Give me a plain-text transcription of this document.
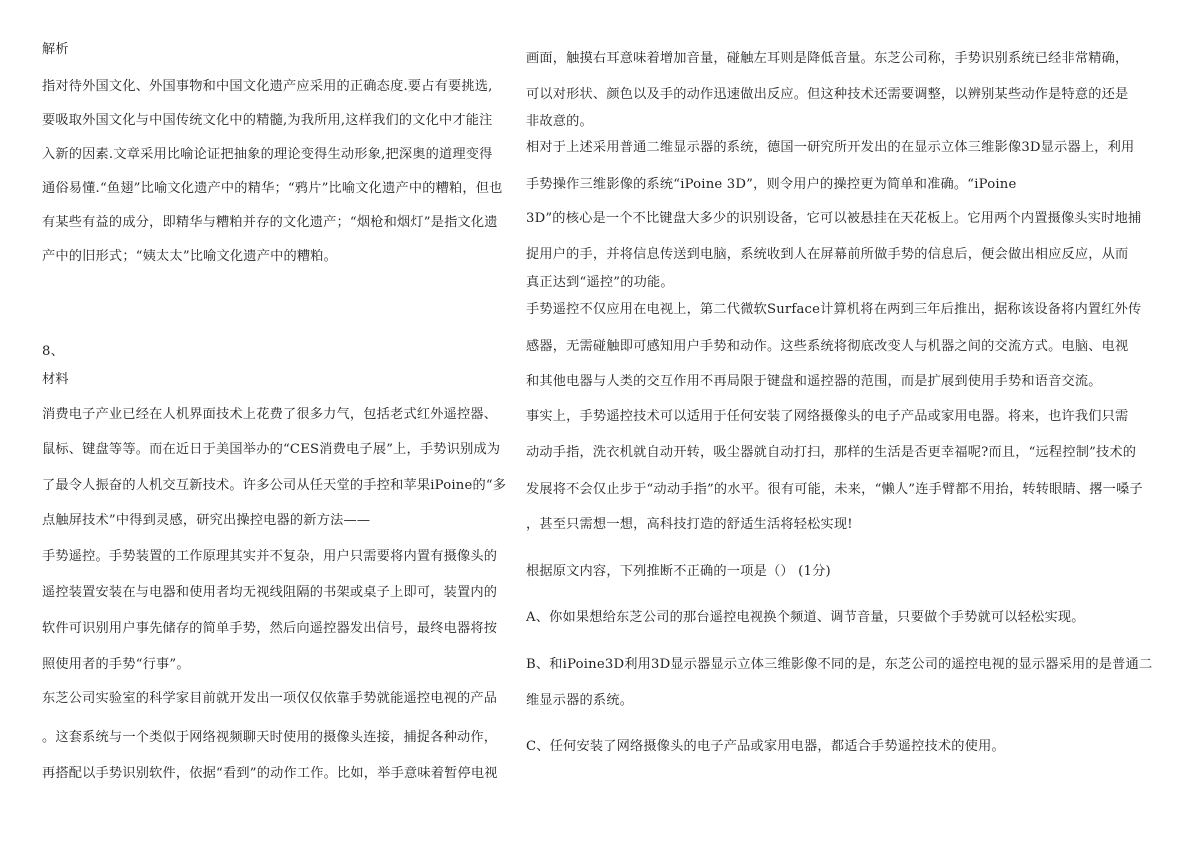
解析
指对待外国文化、外国事物和中国文化遗产应采用的正确态度.要占有要挑选,
要吸取外国文化与中国传统文化中的精髓,为我所用,这样我们的文化中才能注
入新的因素.文章采用比喻论证把抽象的理论变得生动形象,把深奥的道理变得
通俗易懂.“鱼翅”比喻文化遗产中的精华；“鸦片”比喻文化遗产中的糟粕，但也
有某些有益的成分，即精华与糟粕并存的文化遗产；“烟枪和烟灯”是指文化遗
产中的旧形式；“姨太太”比喻文化遗产中的糟粕。
8、
材料
消费电子产业已经在人机界面技术上花费了很多力气，包括老式红外遥控器、
鼠标、键盘等等。而在近日于美国举办的“CES消费电子展”上，手势识别成为
了最令人振奋的人机交互新技术。许多公司从任天堂的手控和苹果iPoine的“多
点触屏技术”中得到灵感，研究出操控电器的新方法——
手势遥控。手势装置的工作原理其实并不复杂，用户只需要将内置有摄像头的
遥控装置安装在与电器和使用者均无视线阻隔的书架或桌子上即可，装置内的
软件可识别用户事先储存的简单手势，然后向遥控器发出信号，最终电器将按
照使用者的手势“行事”。
东芝公司实验室的科学家目前就开发出一项仅仅依靠手势就能遥控电视的产品
。这套系统与一个类似于网络视频聊天时使用的摄像头连接，捕捉各种动作，
再搭配以手势识别软件，依据“看到”的动作工作。比如，举手意味着暂停电视
画面，触摸右耳意味着增加音量，碰触左耳则是降低音量。东芝公司称，手势识别系统已经非常精确，
可以对形状、颜色以及手的动作迅速做出反应。但这种技术还需要调整，以辨别某些动作是特意的还是
非故意的。
相对于上述采用普通二维显示器的系统，德国一研究所开发出的在显示立体三维影像3D显示器上，利用
手势操作三维影像的系统“iPoine 3D”，则令用户的操控更为简单和准确。“iPoine
3D”的核心是一个不比键盘大多少的识别设备，它可以被悬挂在天花板上。它用两个内置摄像头实时地捕
捉用户的手，并将信息传送到电脑，系统收到人在屏幕前所做手势的信息后，便会做出相应反应，从而
真正达到“遥控”的功能。
手势遥控不仅应用在电视上，第二代微软Surface计算机将在两到三年后推出，据称该设备将内置红外传
感器，无需碰触即可感知用户手势和动作。这些系统将彻底改变人与机器之间的交流方式。电脑、电视
和其他电器与人类的交互作用不再局限于键盘和遥控器的范围，而是扩展到使用手势和语音交流。
事实上，手势遥控技术可以适用于任何安装了网络摄像头的电子产品或家用电器。将来，也许我们只需
动动手指，洗衣机就自动开转，吸尘器就自动打扫，那样的生活是否更幸福呢?而且，“远程控制”技术的
发展将不会仅止步于“动动手指”的水平。很有可能，未来，“懒人”连手臂都不用抬，转转眼睛、撂一嗓子
，甚至只需想一想，高科技打造的舒适生活将轻松实现!
根据原文内容，下列推断不正确的一项是（） (1分)
A、你如果想给东芝公司的那台遥控电视换个频道、调节音量，只要做个手势就可以轻松实现。
B、和iPoine3D利用3D显示器显示立体三维影像不同的是，东芝公司的遥控电视的显示器采用的是普通二
维显示器的系统。
C、任何安装了网络摄像头的电子产品或家用电器，都适合手势遥控技术的使用。
